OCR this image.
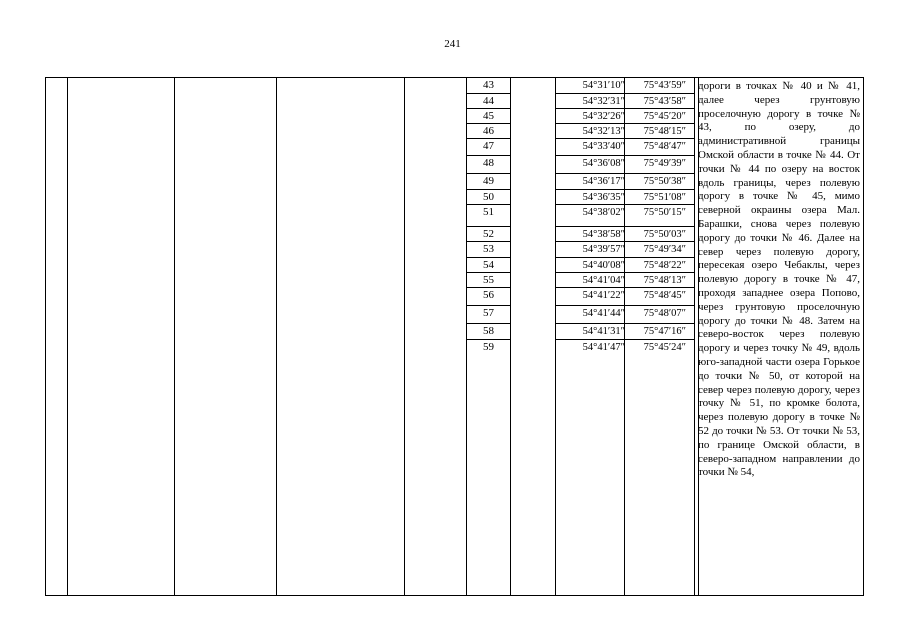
241
43	54°31′10″	75°43′59″
44	54°32′31″	75°43′58″
45	54°32′26″	75°45′20″
46	54°32′13″	75°48′15″
47	54°33′40″	75°48′47″
48	54°36′08″	75°49′39″
49	54°36′17″	75°50′38″
50	54°36′35″	75°51′08″
51	54°38′02″	75°50′15″
52	54°38′58″	75°50′03″
53	54°39′57″	75°49′34″
54	54°40′08″	75°48′22″
55	54°41′04″	75°48′13″
56	54°41′22″	75°48′45″
57	54°41′44″	75°48′07″
58	54°41′31″	75°47′16″
59	54°41′47″	75°45′24″

дороги в точках № 40 и № 41, далее через грунтовую проселочную дорогу в точке № 43, по озеру, до административной границы Омской области в точке № 44. От точки № 44 по озеру на восток вдоль границы, через полевую дорогу в точке № 45, мимо северной окраины озера Мал. Барашки, снова через полевую дорогу до точки № 46. Далее на север через полевую дорогу, пересекая озеро Чебаклы, через полевую дорогу в точке № 47, проходя западнее озера Попово, через грунтовую проселочную дорогу до точки № 48. Затем на северо-восток через полевую дорогу и через точку № 49, вдоль юго-западной части озера Горькое до точки № 50, от которой на север через полевую дорогу, через точку № 51, по кромке болота, через полевую дорогу в точке № 52 до точки № 53. От точки № 53, по границе Омской области, в северо-западном направлении до точки № 54,
